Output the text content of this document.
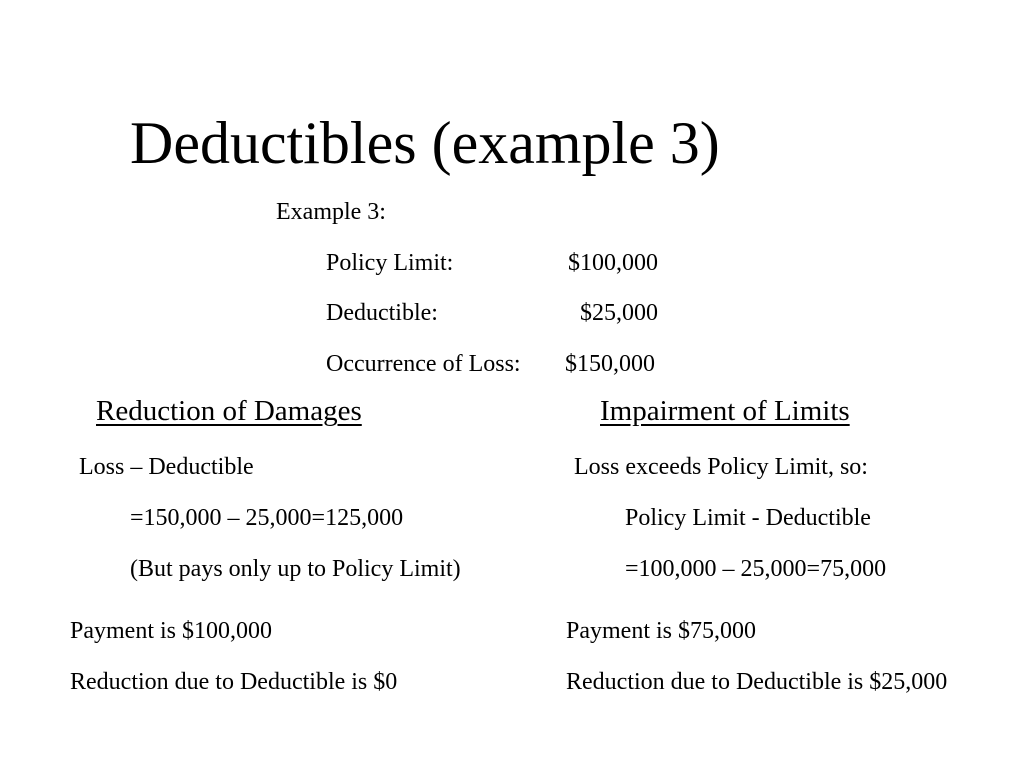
Deductibles (example 3)
Example 3:
Policy Limit:	$100,000
Deductible:	$25,000
Occurrence of Loss: $150,000
Reduction of Damages
Loss – Deductible
=150,000 – 25,000=125,000
(But pays only up to Policy Limit)
Payment is $100,000
Reduction due to Deductible is $0
Impairment of Limits
Loss exceeds Policy Limit, so:
Policy Limit - Deductible
=100,000 – 25,000=75,000
Payment is $75,000
Reduction due to Deductible is $25,000
